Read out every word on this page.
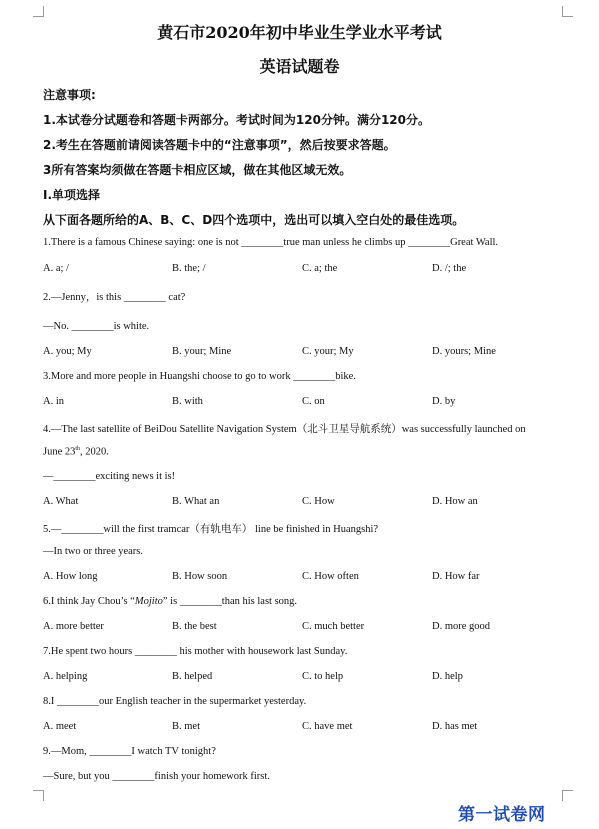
黄石市2020年初中毕业生学业水平考试
英语试题卷
注意事项:
1.本试卷分试题卷和答题卡两部分。考试时间为120分钟。满分120分。
2.考生在答题前请阅读答题卡中的“注意事项”，然后按要求答题。
3所有答案均须做在答题卡相应区域，做在其他区域无效。
I.单项选择
从下面各题所给的A、B、C、D四个选项中，选出可以填入空白处的最佳选项。
1.There is a famous Chinese saying: one is not ________true man unless he climbs up ________Great Wall.
A. a; /	B. the; /	C. a; the	D. /; the
2.—Jenny，is this ________ cat?
—No. ________is white.
A. you; My	B. your; Mine	C. your; My	D. yours; Mine
3.More and more people in Huangshi choose to go to work ________bike.
A. in	B. with	C. on	D. by
4.—The last satellite of BeiDou Satellite Navigation System（北斗卫星导航系统）was successfully launched on
June 23th, 2020.
—________exciting news it is!
A. What	B. What an	C. How	D. How an
5.—________will the first tramcar（有轨电车） line be finished in Huangshi?
—In two or three years.
A. How long	B. How soon	C. How often	D. How far
6.I think Jay Chou’s “Mojito” is ________than his last song.
A. more better	B. the best	C. much better	D. more good
7.He spent two hours ________ his mother with housework last Sunday.
A. helping	B. helped	C. to help	D. help
8.I ________our English teacher in the supermarket yesterday.
A. meet	B. met	C. have met	D. has met
9.—Mom, ________I watch TV tonight?
—Sure, but you ________finish your homework first.
第一试卷网
